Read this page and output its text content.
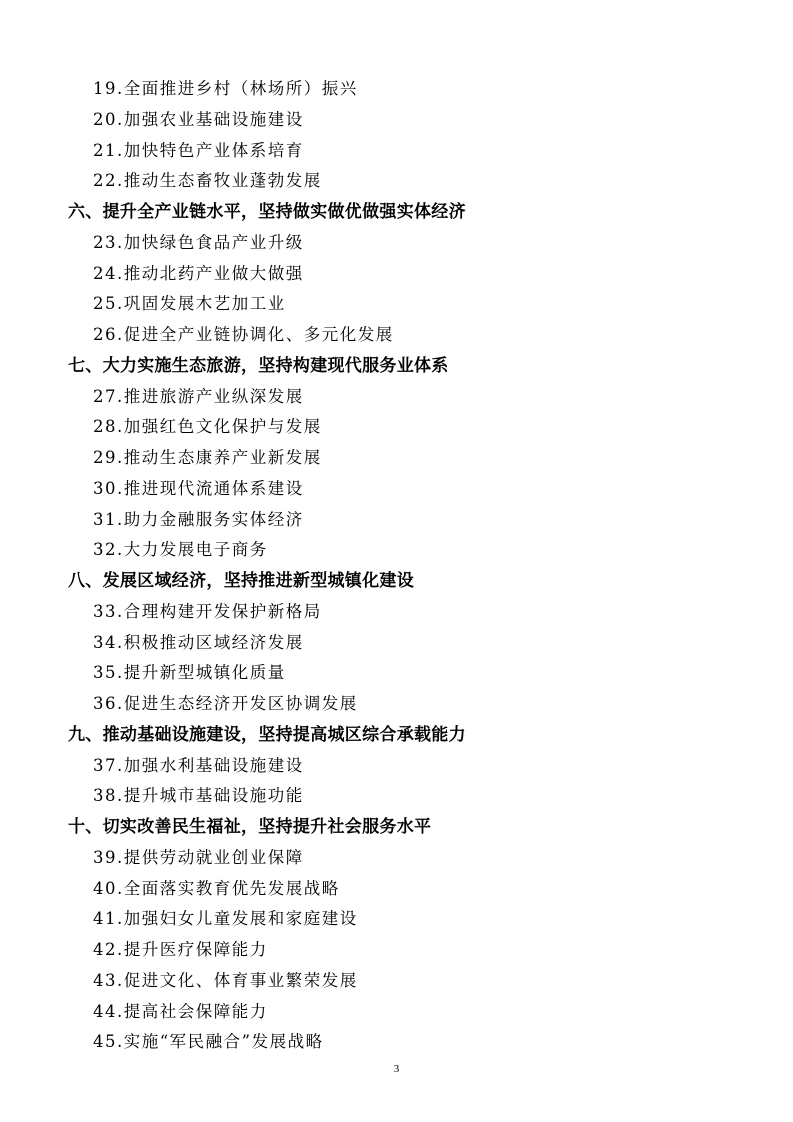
19.全面推进乡村（林场所）振兴
20.加强农业基础设施建设
21.加快特色产业体系培育
22.推动生态畜牧业蓬勃发展
六、提升全产业链水平，坚持做实做优做强实体经济
23.加快绿色食品产业升级
24.推动北药产业做大做强
25.巩固发展木艺加工业
26.促进全产业链协调化、多元化发展
七、大力实施生态旅游，坚持构建现代服务业体系
27.推进旅游产业纵深发展
28.加强红色文化保护与发展
29.推动生态康养产业新发展
30.推进现代流通体系建设
31.助力金融服务实体经济
32.大力发展电子商务
八、发展区域经济，坚持推进新型城镇化建设
33.合理构建开发保护新格局
34.积极推动区域经济发展
35.提升新型城镇化质量
36.促进生态经济开发区协调发展
九、推动基础设施建设，坚持提高城区综合承载能力
37.加强水利基础设施建设
38.提升城市基础设施功能
十、切实改善民生福祉，坚持提升社会服务水平
39.提供劳动就业创业保障
40.全面落实教育优先发展战略
41.加强妇女儿童发展和家庭建设
42.提升医疗保障能力
43.促进文化、体育事业繁荣发展
44.提高社会保障能力
45.实施“军民融合”发展战略
3
